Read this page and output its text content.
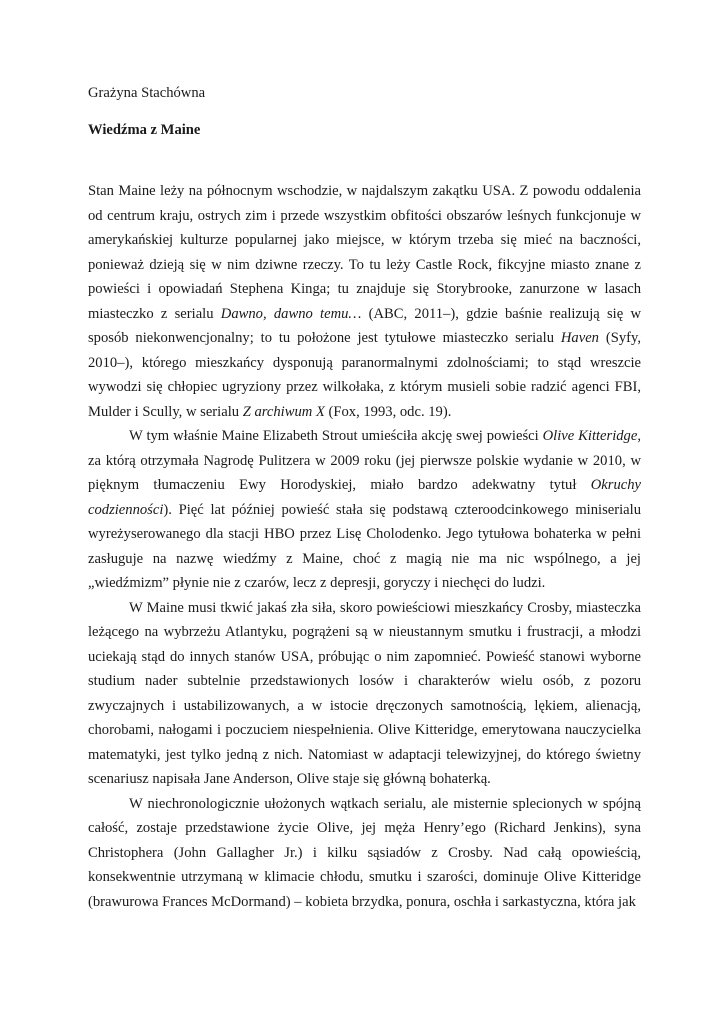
Grażyna Stachówna

Wiedźma z Maine

Stan Maine leży na północnym wschodzie, w najdalszym zakątku USA. Z powodu oddalenia od centrum kraju, ostrych zim i przede wszystkim obfitości obszarów leśnych funkcjonuje w amerykańskiej kulturze popularnej jako miejsce, w którym trzeba się mieć na baczności, ponieważ dzieją się w nim dziwne rzeczy. To tu leży Castle Rock, fikcyjne miasto znane z powieści i opowiadań Stephena Kinga; tu znajduje się Storybrooke, zanurzone w lasach miasteczko z serialu Dawno, dawno temu… (ABC, 2011–), gdzie baśnie realizują się w sposób niekonwencjonalny; to tu położone jest tytułowe miasteczko serialu Haven (Syfy, 2010–), którego mieszkańcy dysponują paranormalnymi zdolnościami; to stąd wreszcie wywodzi się chłopiec ugryziony przez wilkołaka, z którym musieli sobie radzić agenci FBI, Mulder i Scully, w serialu Z archiwum X (Fox, 1993, odc. 19).

W tym właśnie Maine Elizabeth Strout umieściła akcję swej powieści Olive Kitteridge, za którą otrzymała Nagrodę Pulitzera w 2009 roku (jej pierwsze polskie wydanie w 2010, w pięknym tłumaczeniu Ewy Horodyskiej, miało bardzo adekwatny tytuł Okruchy codzienności). Pięć lat później powieść stała się podstawą czteroodcinkowego miniserialu wyreżyserowanego dla stacji HBO przez Lisę Cholodenko. Jego tytułowa bohaterka w pełni zasługuje na nazwę wiedźmy z Maine, choć z magią nie ma nic wspólnego, a jej „wiedźmizm” płynie nie z czarów, lecz z depresji, goryczy i niechęci do ludzi.

W Maine musi tkwić jakaś zła siła, skoro powieściowi mieszkańcy Crosby, miasteczka leżącego na wybrzeżu Atlantyku, pogrążeni są w nieustannym smutku i frustracji, a młodzi uciekają stąd do innych stanów USA, próbując o nim zapomnieć. Powieść stanowi wyborne studium nader subtelnie przedstawionych losów i charakterów wielu osób, z pozoru zwyczajnych i ustabilizowanych, a w istocie dręczonych samotnością, lękiem, alienacją, chorobami, nałogami i poczuciem niespełnienia. Olive Kitteridge, emerytowana nauczycielka matematyki, jest tylko jedną z nich. Natomiast w adaptacji telewizyjnej, do którego świetny scenariusz napisała Jane Anderson, Olive staje się główną bohaterką.

W niechronologicznie ułożonych wątkach serialu, ale misternie splecionych w spójną całość, zostaje przedstawione życie Olive, jej męża Henry’ego (Richard Jenkins), syna Christophera (John Gallagher Jr.) i kilku sąsiadów z Crosby. Nad całą opowieścią, konsekwentnie utrzymaną w klimacie chłodu, smutku i szarości, dominuje Olive Kitteridge (brawurowa Frances McDormand) – kobieta brzydka, ponura, oschła i sarkastyczna, która jak
